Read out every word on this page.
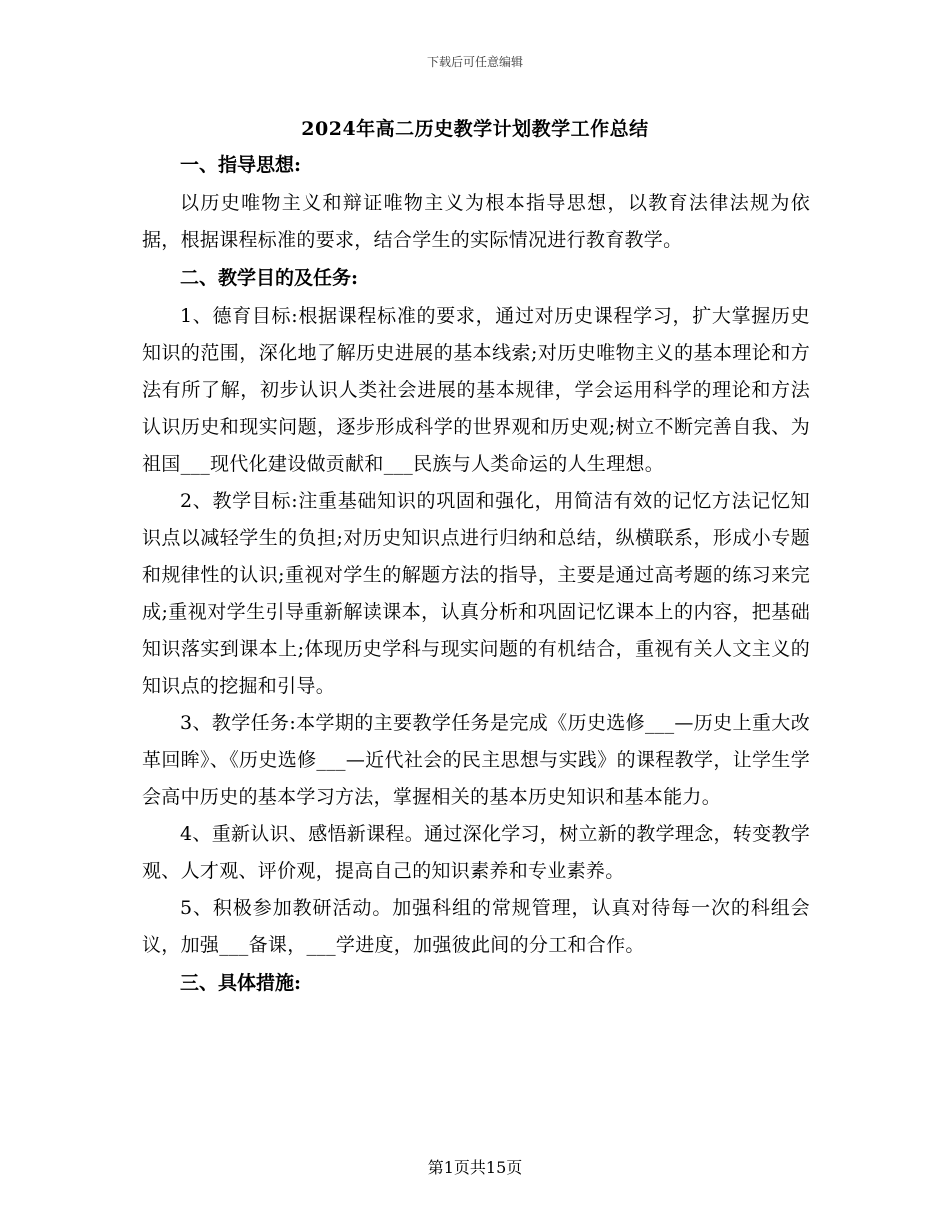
下载后可任意编辑
2024年高二历史教学计划教学工作总结
一、指导思想:

以历史唯物主义和辩证唯物主义为根本指导思想，以教育法律法规为依据，根据课程标准的要求，结合学生的实际情况进行教育教学。

二、教学目的及任务:

1、德育目标:根据课程标准的要求，通过对历史课程学习，扩大掌握历史知识的范围，深化地了解历史进展的基本线索;对历史唯物主义的基本理论和方法有所了解，初步认识人类社会进展的基本规律，学会运用科学的理论和方法认识历史和现实问题，逐步形成科学的世界观和历史观;树立不断完善自我、为祖国___现代化建设做贡献和___民族与人类命运的人生理想。

2、教学目标:注重基础知识的巩固和强化，用简洁有效的记忆方法记忆知识点以减轻学生的负担;对历史知识点进行归纳和总结，纵横联系，形成小专题和规律性的认识;重视对学生的解题方法的指导，主要是通过高考题的练习来完成;重视对学生引导重新解读课本，认真分析和巩固记忆课本上的内容，把基础知识落实到课本上;体现历史学科与现实问题的有机结合，重视有关人文主义的知识点的挖掘和引导。

3、教学任务:本学期的主要教学任务是完成《历史选修___—历史上重大改革回眸》、《历史选修___—近代社会的民主思想与实践》的课程教学，让学生学会高中历史的基本学习方法，掌握相关的基本历史知识和基本能力。

4、重新认识、感悟新课程。通过深化学习，树立新的教学理念，转变教学观、人才观、评价观，提高自己的知识素养和专业素养。

5、积极参加教研活动。加强科组的常规管理，认真对待每一次的科组会议，加强___备课，___学进度，加强彼此间的分工和合作。

三、具体措施:
第1页共15页
